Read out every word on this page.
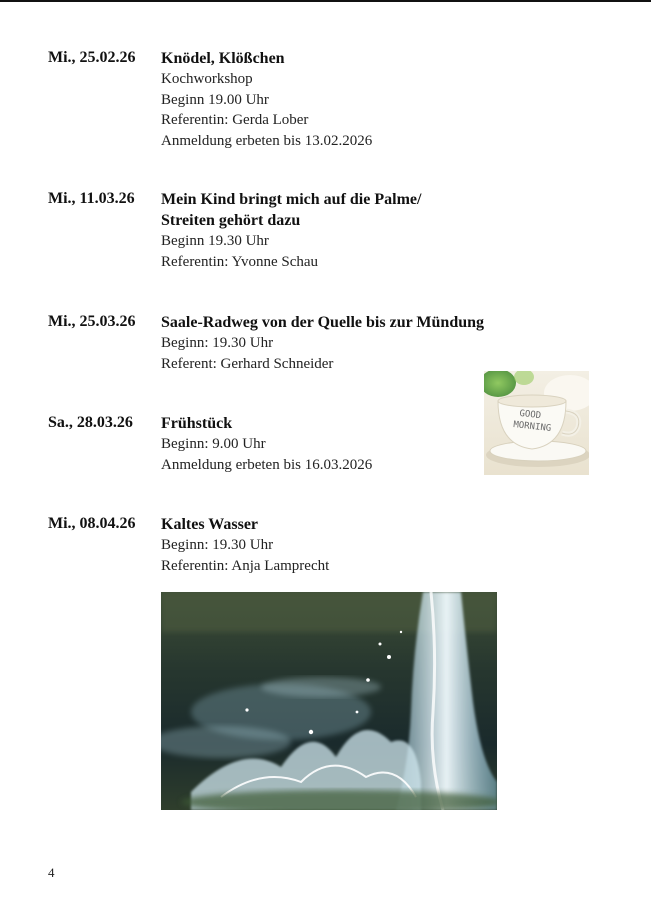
Mi., 25.02.26	Knödel, Klößchen

Kochworkshop

Beginn 19.00 Uhr

Referentin: Gerda Lober

Anmeldung erbeten bis 13.02.2026

Mi., 11.03.26	Mein Kind bringt mich auf die Palme/

Streiten gehört dazu

Beginn 19.30 Uhr

Referentin: Yvonne Schau

Mi., 25.03.26	Saale-Radweg von der Quelle bis zur Mündung

Beginn: 19.30 Uhr

Referent: Gerhard Schneider

Sa., 28.03.26	Frühstück

Beginn: 9.00 Uhr

Anmeldung erbeten bis 16.03.2026

Mi., 08.04.26	Kaltes Wasser

Beginn: 19.30 Uhr

Referentin: Anja Lamprecht

GOOD
MORNING
4
